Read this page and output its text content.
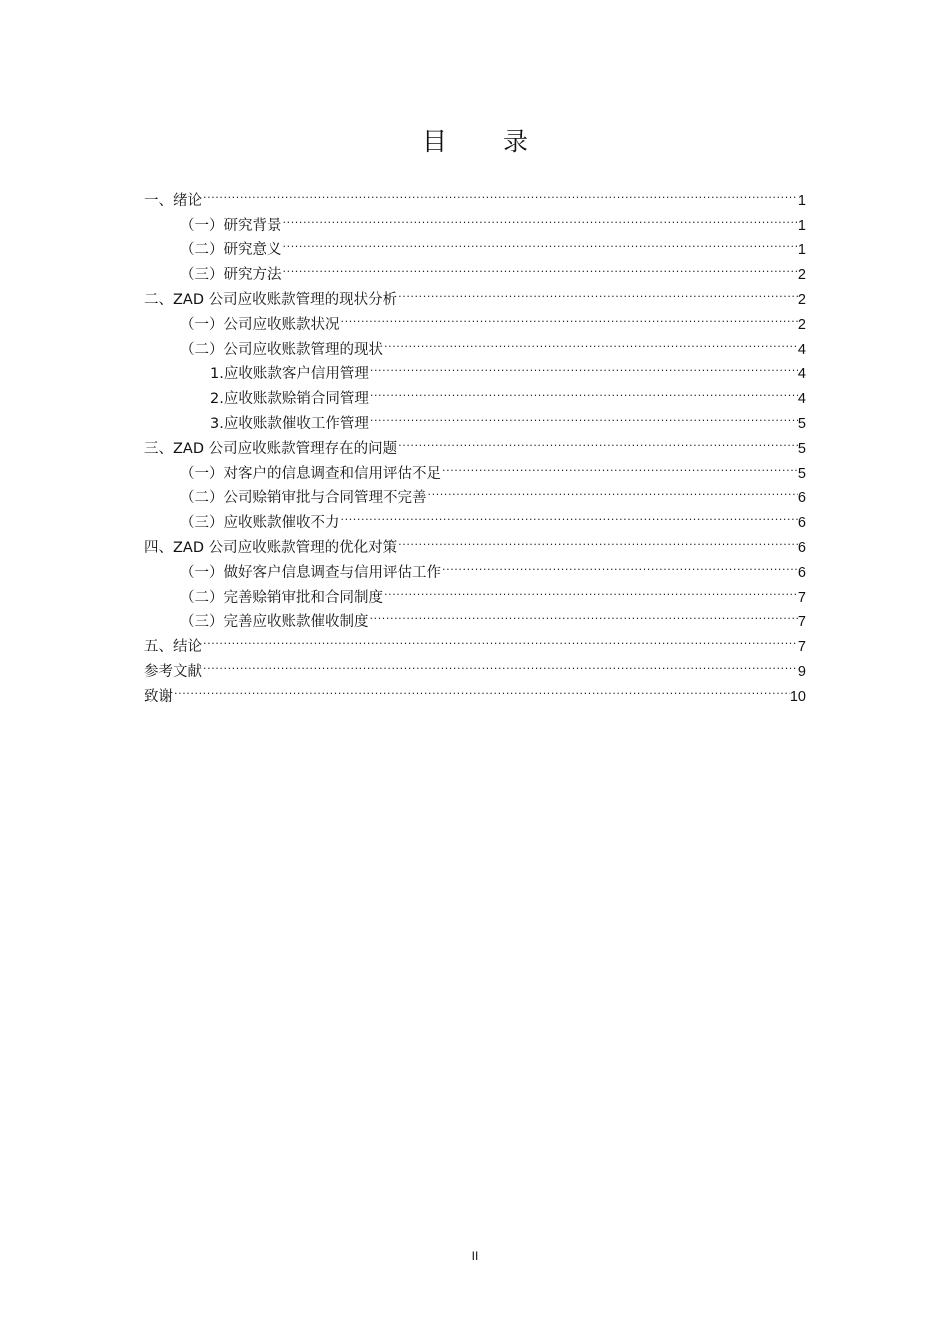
目 录
一、绪论 .....	1
（一）研究背景 .....	1
（二）研究意义 .....	1
（三）研究方法 .....	2
二、ZAD 公司应收账款管理的现状分析 .....	2
（一）公司应收账款状况 .....	2
（二）公司应收账款管理的现状 .....	4
1.应收账款客户信用管理 .....	4
2.应收账款赊销合同管理 .....	4
3.应收账款催收工作管理 .....	5
三、ZAD 公司应收账款管理存在的问题 .....	5
（一）对客户的信息调查和信用评估不足 .....	5
（二）公司赊销审批与合同管理不完善 .....	6
（三）应收账款催收不力 .....	6
四、ZAD 公司应收账款管理的优化对策 .....	6
（一）做好客户信息调查与信用评估工作 .....	6
（二）完善赊销审批和合同制度 .....	7
（三）完善应收账款催收制度 .....	7
五、结论 .....	7
参考文献 .....	9
致谢 .....	10
II
